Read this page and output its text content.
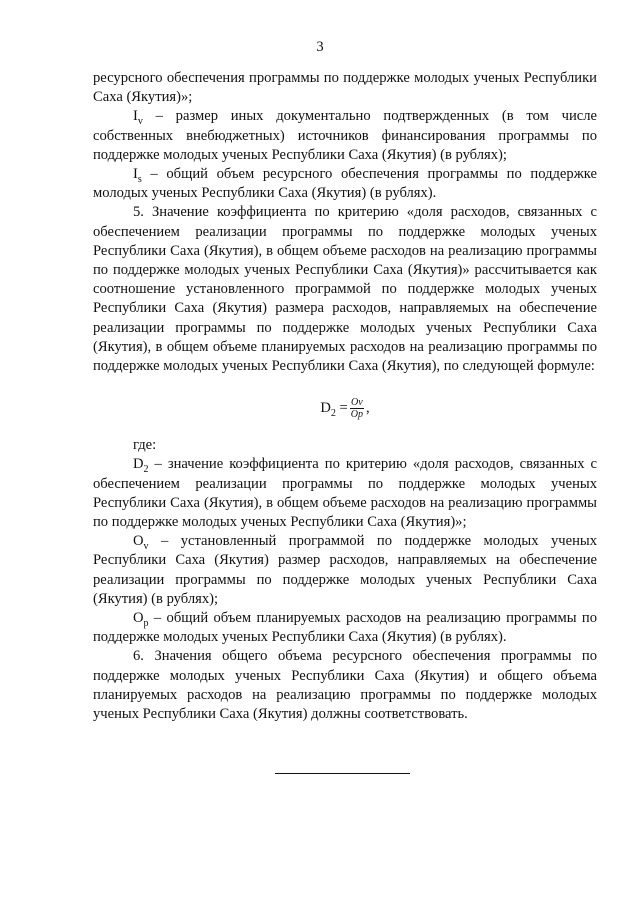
3

ресурсного обеспечения программы по поддержке молодых ученых Республики Саха (Якутия)»;

$I_v$ – размер иных документально подтвержденных (в том числе собственных внебюджетных) источников финансирования программы по поддержке молодых ученых Республики Саха (Якутия) (в рублях);

$I_s$ – общий объем ресурсного обеспечения программы по поддержке молодых ученых Республики Саха (Якутия) (в рублях).

5. Значение коэффициента по критерию «доля расходов, связанных с обеспечением реализации программы по поддержке молодых ученых Республики Саха (Якутия), в общем объеме расходов на реализацию программы по поддержке молодых ученых Республики Саха (Якутия)» рассчитывается как соотношение установленного программой по поддержке молодых ученых Республики Саха (Якутия) размера расходов, направляемых на обеспечение реализации программы по поддержке молодых ученых Республики Саха (Якутия), в общем объеме планируемых расходов на реализацию программы по поддержке молодых ученых Республики Саха (Якутия), по следующей формуле:

$D_2 = \frac{Ov}{Op}$ ,

где:

$D_2$ – значение коэффициента по критерию «доля расходов, связанных с обеспечением реализации программы по поддержке молодых ученых Республики Саха (Якутия), в общем объеме расходов на реализацию программы по поддержке молодых ученых Республики Саха (Якутия)»;

$O_v$ – установленный программой по поддержке молодых ученых Республики Саха (Якутия) размер расходов, направляемых на обеспечение реализации программы по поддержке молодых ученых Республики Саха (Якутия) (в рублях);

$O_p$ – общий объем планируемых расходов на реализацию программы по поддержке молодых ученых Республики Саха (Якутия) (в рублях).

6. Значения общего объема ресурсного обеспечения программы по поддержке молодых ученых Республики Саха (Якутия) и общего объема планируемых расходов на реализацию программы по поддержке молодых ученых Республики Саха (Якутия) должны соответствовать.
